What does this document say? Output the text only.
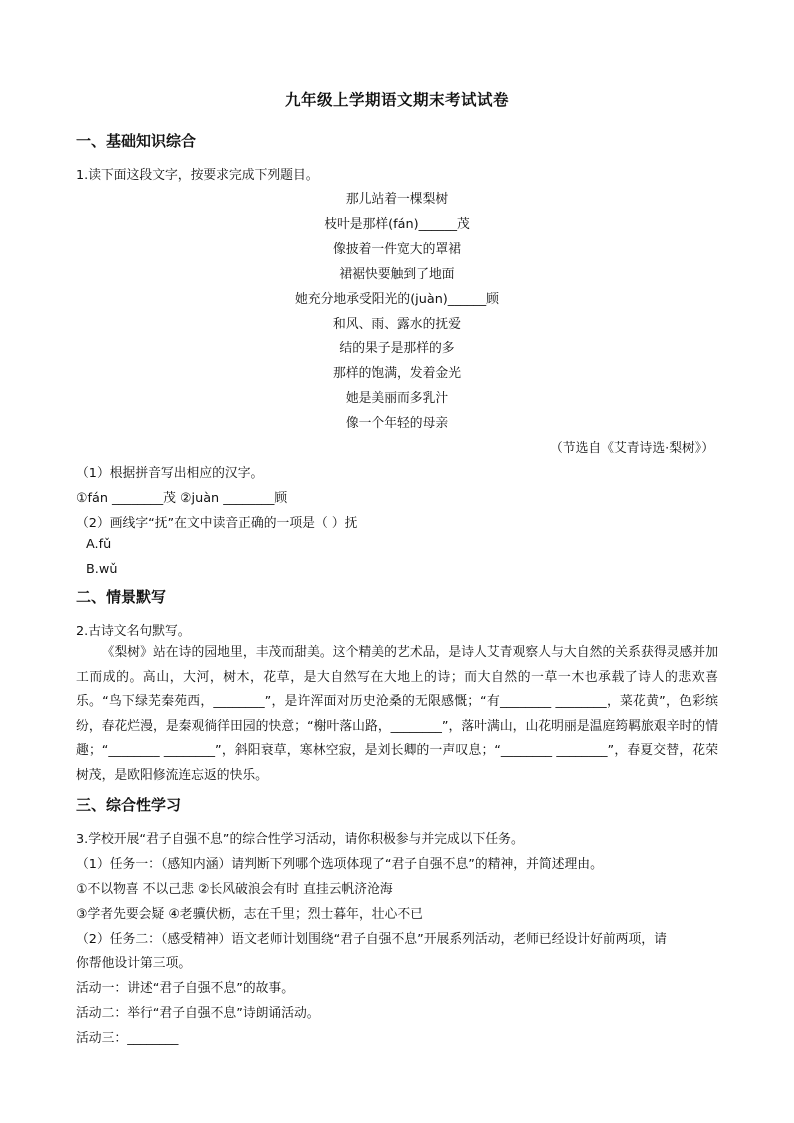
九年级上学期语文期末考试试卷
一、基础知识综合
1.读下面这段文字，按要求完成下列题目。
那儿站着一棵梨树
枝叶是那样(fán)______茂
像披着一件宽大的罩裙
裙裾快要触到了地面
她充分地承受阳光的(juàn)______顾
和风、雨、露水的抚爱
结的果子是那样的多
那样的饱满，发着金光
她是美丽而多乳汁
像一个年轻的母亲
（节选自《艾青诗选·梨树》）
（1）根据拼音写出相应的汉字。
①fán ________茂 ②juàn ________顾
（2）画线字“抚”在文中读音正确的一项是（ ）抚
A.fǔ
B.wǔ
二、情景默写
2.古诗文名句默写。
《梨树》站在诗的园地里，丰茂而甜美。这个精美的艺术品，是诗人艾青观察人与大自然的关系获得灵感并加工而成的。高山，大河，树木，花草，是大自然写在大地上的诗；而大自然的一草一木也承载了诗人的悲欢喜乐。“鸟下绿芜秦苑西，________”，是许浑面对历史沧桑的无限感慨；“有________ ________，菜花黄”，色彩缤纷，春花烂漫，是秦观徜徉田园的快意；“榭叶落山路，________”，落叶满山，山花明丽是温庭筠羁旅艰辛时的情趣；“________ ________”，斜阳衰草，寒林空寂，是刘长卿的一声叹息；“________ ________”，春夏交替，花荣树茂，是欧阳修流连忘返的快乐。
三、综合性学习
3.学校开展“君子自强不息”的综合性学习活动，请你积极参与并完成以下任务。
（1）任务一：（感知内涵）请判断下列哪个选项体现了“君子自强不息”的精神，并简述理由。
①不以物喜 不以己悲 ②长风破浪会有时 直挂云帆济沧海
③学者先要会疑 ④老骥伏枥，志在千里；烈士暮年，壮心不已
（2）任务二：（感受精神）语文老师计划围绕“君子自强不息”开展系列活动，老师已经设计好前两项，请
你帮他设计第三项。
活动一：讲述“君子自强不息”的故事。
活动二：举行“君子自强不息”诗朗诵活动。
活动三：________
